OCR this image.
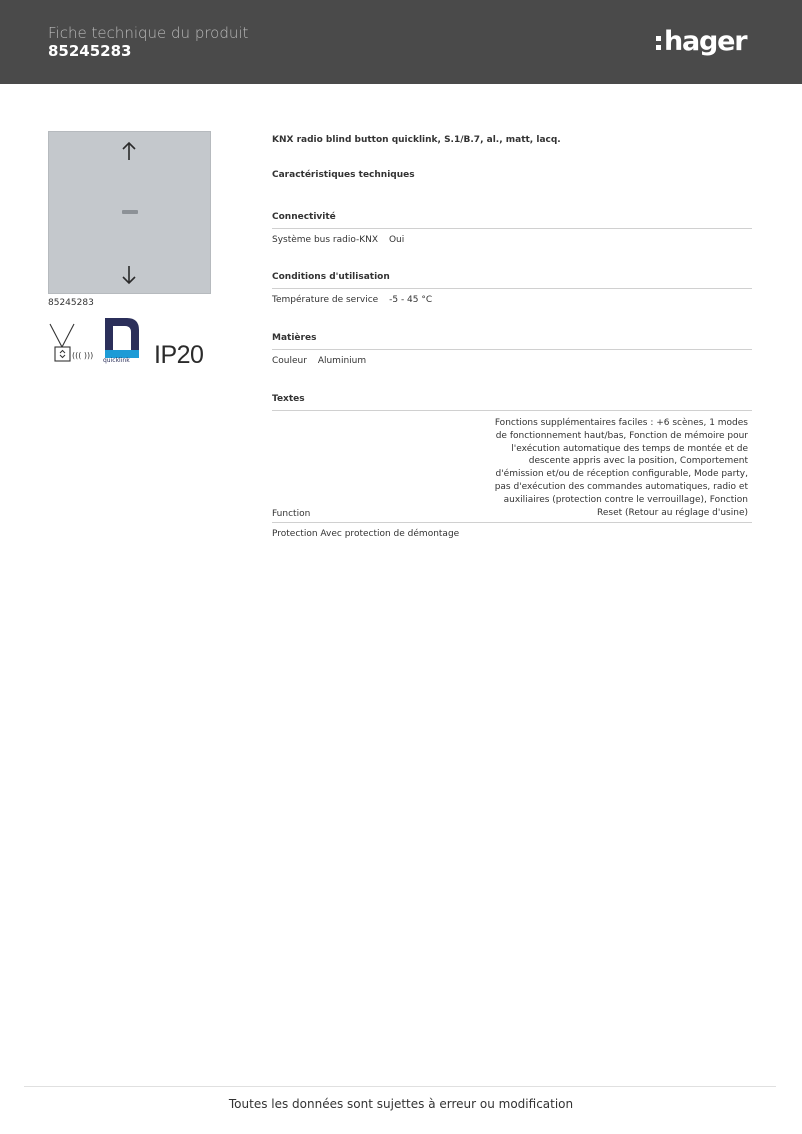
Fiche technique du produit
85245283	hager
85245283
((( )))
quicklink IP20
KNX radio blind button quicklink, S.1/B.7, al., matt, lacq.
Caractéristiques techniques
Connectivité
Système bus radio-KNX Oui
Conditions d'utilisation
Température de service -5 - 45 °C
Matières
Couleur Aluminium
Textes
Function
Fonctions supplémentaires faciles : +6 scènes, 1 modes de fonctionnement haut/bas, Fonction de mémoire pour l'exécution automatique des temps de montée et de descente appris avec la position, Comportement d'émission et/ou de réception configurable, Mode party, pas d'exécution des commandes automatiques, radio et auxiliaires (protection contre le verrouillage), Fonction Reset (Retour au réglage d'usine)
Protection Avec protection de démontage
Toutes les données sont sujettes à erreur ou modification
